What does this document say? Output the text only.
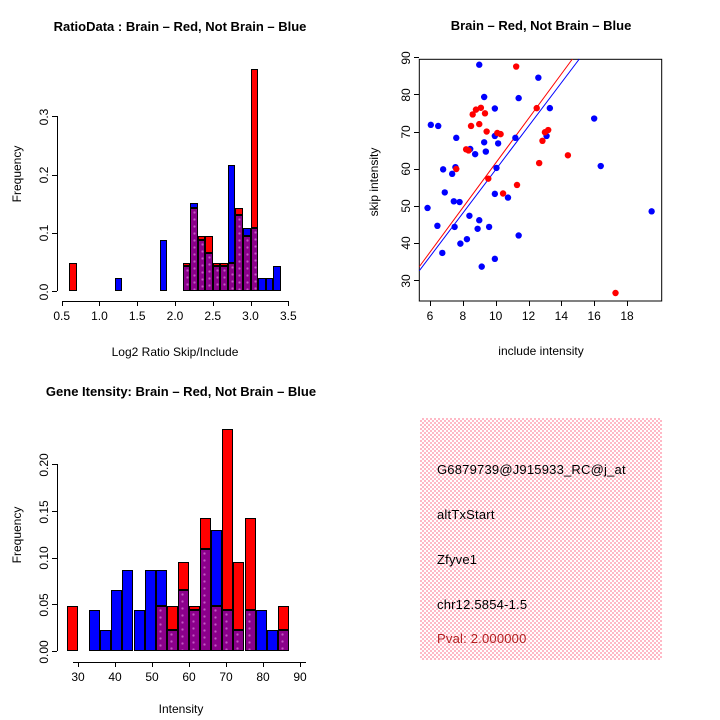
RatioData : Brain – Red, Not Brain – Blue
Frequency
Log2 Ratio Skip/Include
0.0
0.1
0.2
0.3
0.5	1.0	1.5	2.0	2.5	3.0	3.5
Brain – Red, Not Brain – Blue
skip intensity
include intensity
6	8	10	12	14	16	18
30
40
50
60
70
80
90
Gene Itensity: Brain – Red, Not Brain – Blue
Frequency
Intensity
0.00
0.05
0.10
0.15
0.20
30	40	50	60	70	80	90
G6879739@J915933_RC@j_at
altTxStart
Zfyve1
chr12.5854-1.5
Pval: 2.000000
